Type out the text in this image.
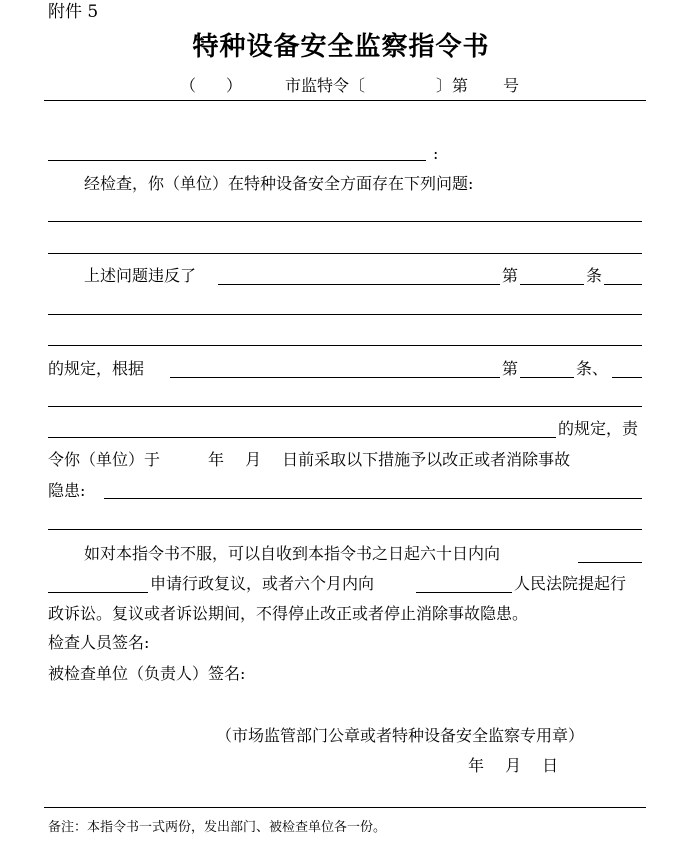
附件 5
特种设备安全监察指令书
（ ）	市监特令〔	〕第 号
:
经检查，你（单位）在特种设备安全方面存在下列问题:
上述问题违反了	第	条
的规定，根据	第	条、
的规定，责
令你（单位）于　　　年　 月　 日前采取以下措施予以改正或者消除事故
隐患:
如对本指令书不服，可以自收到本指令书之日起六十日内向
申请行政复议，或者六个月内向	人民法院提起行
政诉讼。复议或者诉讼期间，不得停止改正或者停止消除事故隐患。
检查人员签名:
被检查单位（负责人）签名:
（市场监管部门公章或者特种设备安全监察专用章）
年　 月　 日
备注：本指令书一式两份，发出部门、被检查单位各一份。
